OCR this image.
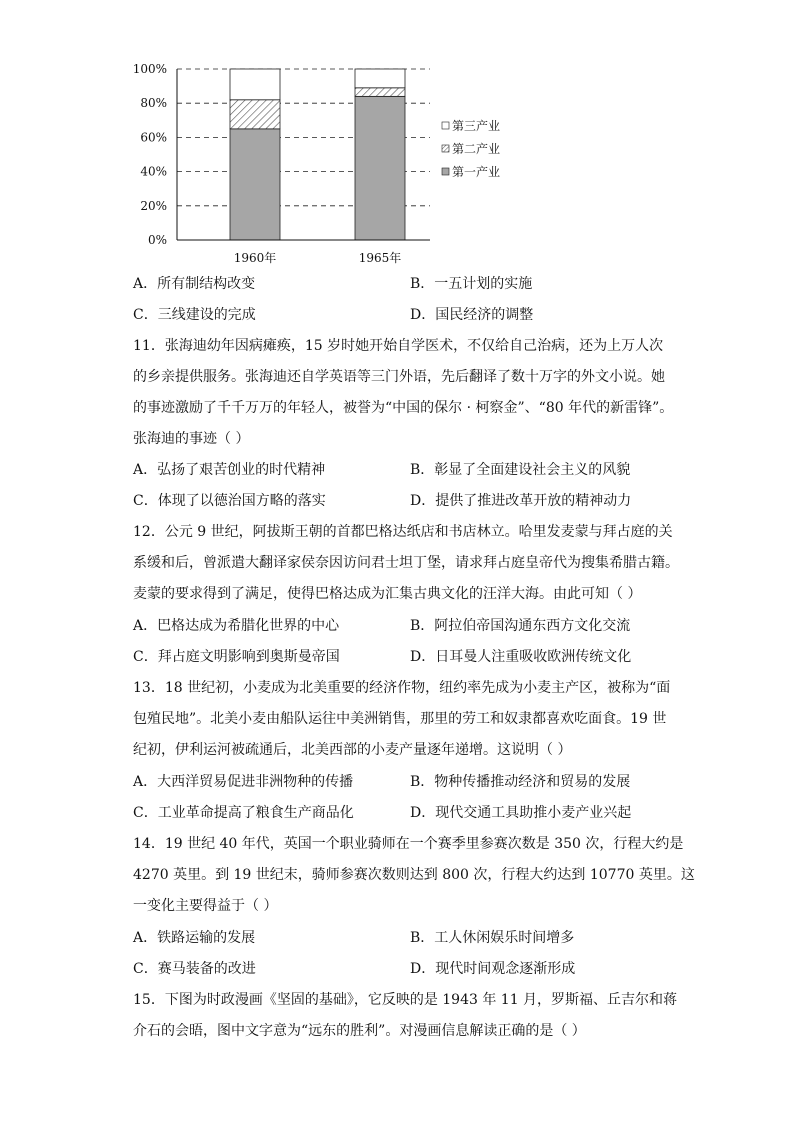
0%
20%
40%
60%
80%
100%
1960年	1965年
第三产业
第二产业
第一产业
A．所有制结构改变	B．一五计划的实施
C．三线建设的完成	D．国民经济的调整
11．张海迪幼年因病瘫痪，15 岁时她开始自学医术，不仅给自己治病，还为上万人次
的乡亲提供服务。张海迪还自学英语等三门外语，先后翻译了数十万字的外文小说。她
的事迹激励了千千万万的年轻人，被誉为“中国的保尔 · 柯察金”、“80 年代的新雷锋”。
张海迪的事迹（ ）
A．弘扬了艰苦创业的时代精神	B．彰显了全面建设社会主义的风貌
C．体现了以德治国方略的落实	D．提供了推进改革开放的精神动力
12．公元 9 世纪，阿拔斯王朝的首都巴格达纸店和书店林立。哈里发麦蒙与拜占庭的关
系缓和后，曾派遣大翻译家侯奈因访问君士坦丁堡，请求拜占庭皇帝代为搜集希腊古籍。
麦蒙的要求得到了满足，使得巴格达成为汇集古典文化的汪洋大海。由此可知（ ）
A．巴格达成为希腊化世界的中心	B．阿拉伯帝国沟通东西方文化交流
C．拜占庭文明影响到奥斯曼帝国	D．日耳曼人注重吸收欧洲传统文化
13．18 世纪初，小麦成为北美重要的经济作物，纽约率先成为小麦主产区，被称为“面
包殖民地”。北美小麦由船队运往中美洲销售，那里的劳工和奴隶都喜欢吃面食。19 世
纪初，伊利运河被疏通后，北美西部的小麦产量逐年递增。这说明（ ）
A．大西洋贸易促进非洲物种的传播	B．物种传播推动经济和贸易的发展
C．工业革命提高了粮食生产商品化	D．现代交通工具助推小麦产业兴起
14．19 世纪 40 年代，英国一个职业骑师在一个赛季里参赛次数是 350 次，行程大约是
4270 英里。到 19 世纪末，骑师参赛次数则达到 800 次，行程大约达到 10770 英里。这
一变化主要得益于（ ）
A．铁路运输的发展	B．工人休闲娱乐时间增多
C．赛马装备的改进	D．现代时间观念逐渐形成
15．下图为时政漫画《坚固的基础》，它反映的是 1943 年 11 月，罗斯福、丘吉尔和蒋
介石的会晤，图中文字意为“远东的胜利”。对漫画信息解读正确的是（ ）
